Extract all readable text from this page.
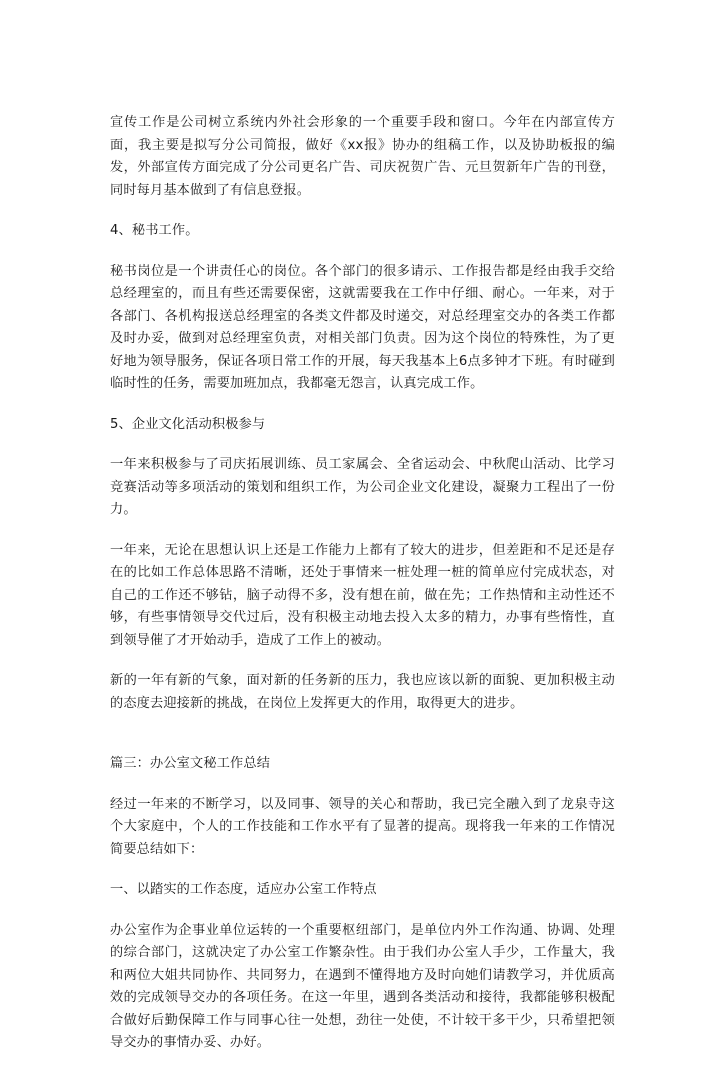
宣传工作是公司树立系统内外社会形象的一个重要手段和窗口。今年在内部宣传方面，我主要是拟写分公司简报，做好《xx报》协办的组稿工作，以及协助板报的编发，外部宣传方面完成了分公司更名广告、司庆祝贺广告、元旦贺新年广告的刊登，同时每月基本做到了有信息登报。

4、秘书工作。

秘书岗位是一个讲责任心的岗位。各个部门的很多请示、工作报告都是经由我手交给总经理室的，而且有些还需要保密，这就需要我在工作中仔细、耐心。一年来，对于各部门、各机构报送总经理室的各类文件都及时递交，对总经理室交办的各类工作都及时办妥，做到对总经理室负责，对相关部门负责。因为这个岗位的特殊性，为了更好地为领导服务，保证各项日常工作的开展，每天我基本上6点多钟才下班。有时碰到临时性的任务，需要加班加点，我都毫无怨言，认真完成工作。

5、企业文化活动积极参与

一年来积极参与了司庆拓展训练、员工家属会、全省运动会、中秋爬山活动、比学习竞赛活动等多项活动的策划和组织工作，为公司企业文化建设，凝聚力工程出了一份力。

一年来，无论在思想认识上还是工作能力上都有了较大的进步，但差距和不足还是存在的比如工作总体思路不清晰，还处于事情来一桩处理一桩的简单应付完成状态，对自己的工作还不够钻，脑子动得不多，没有想在前，做在先；工作热情和主动性还不够，有些事情领导交代过后，没有积极主动地去投入太多的精力，办事有些惰性，直到领导催了才开始动手，造成了工作上的被动。

新的一年有新的气象，面对新的任务新的压力，我也应该以新的面貌、更加积极主动的态度去迎接新的挑战，在岗位上发挥更大的作用，取得更大的进步。

篇三：办公室文秘工作总结

经过一年来的不断学习，以及同事、领导的关心和帮助，我已完全融入到了龙泉寺这个大家庭中，个人的工作技能和工作水平有了显著的提高。现将我一年来的工作情况简要总结如下：

一、以踏实的工作态度，适应办公室工作特点

办公室作为企事业单位运转的一个重要枢纽部门，是单位内外工作沟通、协调、处理的综合部门，这就决定了办公室工作繁杂性。由于我们办公室人手少，工作量大，我和两位大姐共同协作、共同努力，在遇到不懂得地方及时向她们请教学习，并优质高效的完成领导交办的各项任务。在这一年里，遇到各类活动和接待，我都能够积极配合做好后勤保障工作与同事心往一处想，劲往一处使，不计较干多干少，只希望把领导交办的事情办妥、办好。
